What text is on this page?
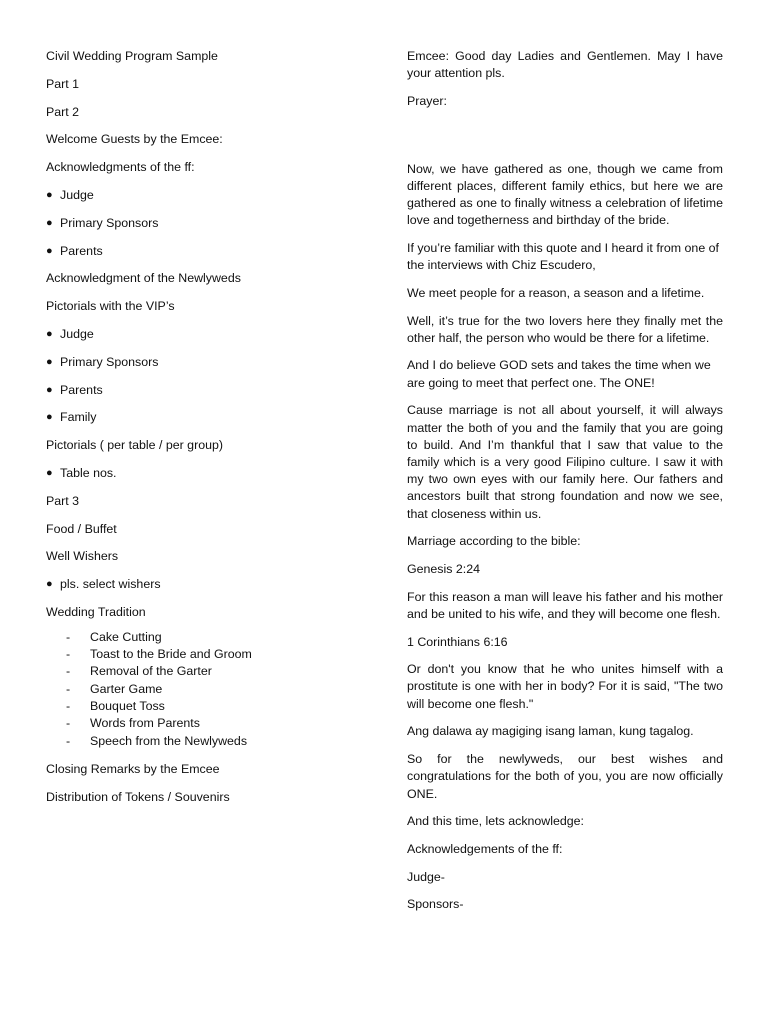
Civil Wedding Program Sample
Part 1
Part 2
Welcome Guests by the Emcee:
Acknowledgments of the ff:
● Judge
● Primary Sponsors
● Parents
Acknowledgment of the Newlyweds
Pictorials with the VIP’s
● Judge
● Primary Sponsors
● Parents
● Family
Pictorials ( per table / per group)
● Table nos.
Part 3
Food / Buffet
Well Wishers
● pls. select wishers
Wedding Tradition
-	Cake Cutting
-	Toast to the Bride and Groom
-	Removal of the Garter
-	Garter Game
-	Bouquet Toss
-	Words from Parents
-	Speech from the Newlyweds
Closing Remarks by the Emcee
Distribution of Tokens / Souvenirs

Emcee: Good day Ladies and Gentlemen. May I have your attention pls.

Prayer:

Now, we have gathered as one, though we came from different places, different family ethics, but here we are gathered as one to finally witness a celebration of lifetime love and togetherness and birthday of the bride.

If you’re familiar with this quote and I heard it from one of the interviews with Chiz Escudero,

We meet people for a reason, a season and a lifetime.

Well, it’s true for the two lovers here they finally met the other half, the person who would be there for a lifetime.

And I do believe GOD sets and takes the time when we are going to meet that perfect one. The ONE!

Cause marriage is not all about yourself, it will always matter the both of you and the family that you are going to build. And I’m thankful that I saw that value to the family which is a very good Filipino culture. I saw it with my two own eyes with our family here. Our fathers and ancestors built that strong foundation and now we see, that closeness within us.

Marriage according to the bible:

Genesis 2:24

For this reason a man will leave his father and his mother and be united to his wife, and they will become one flesh.

1 Corinthians 6:16

Or don't you know that he who unites himself with a prostitute is one with her in body? For it is said, "The two will become one flesh."

Ang dalawa ay magiging isang laman, kung tagalog.

So for the newlyweds, our best wishes and congratulations for the both of you, you are now officially ONE.

And this time, lets acknowledge:

Acknowledgements of the ff:

Judge-

Sponsors-
